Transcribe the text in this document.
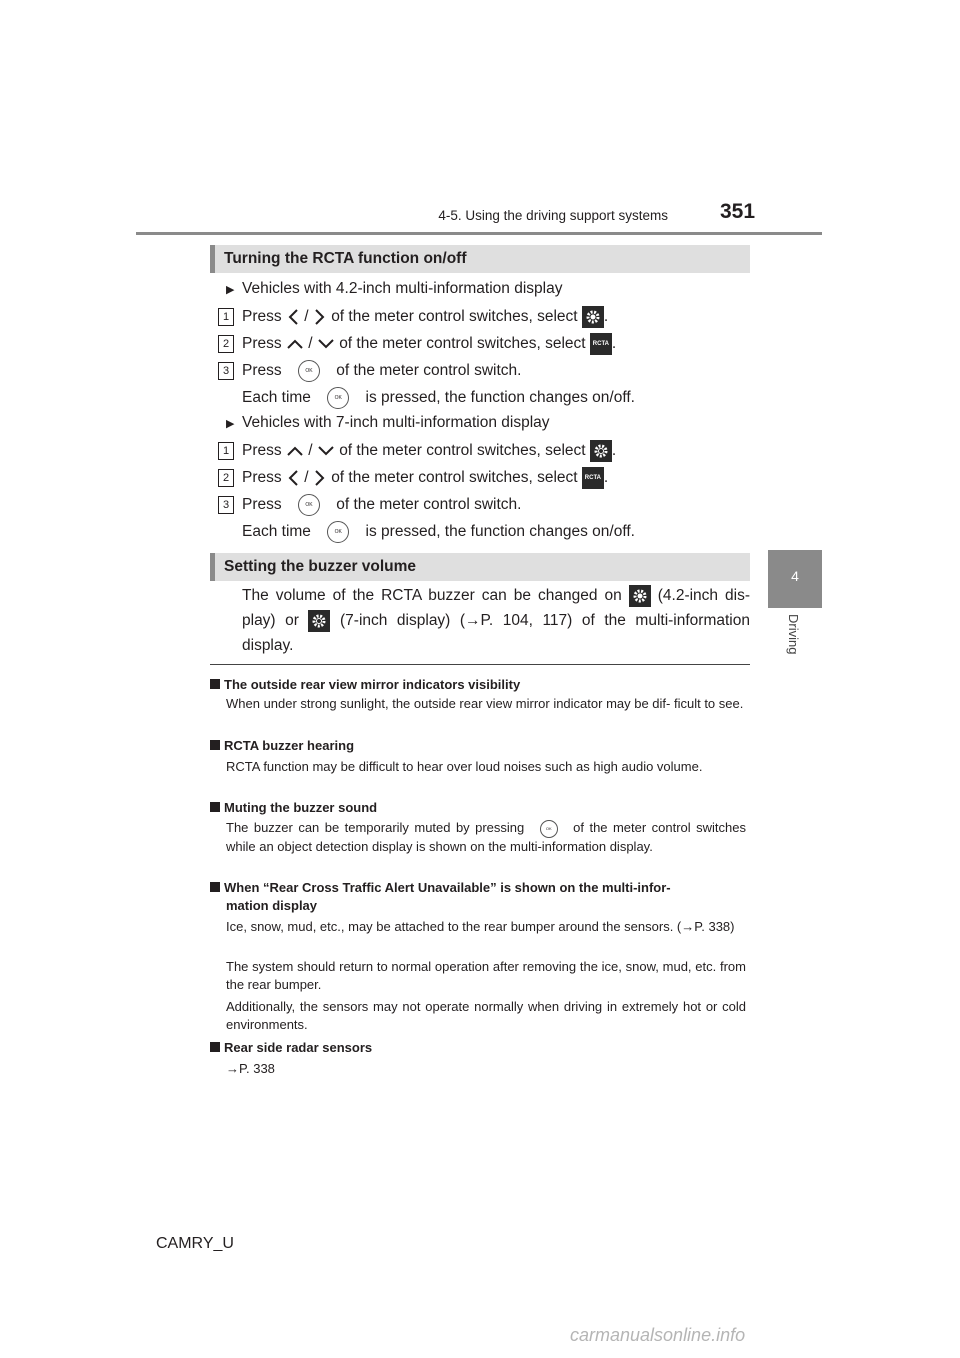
4-5. Using the driving support systems 351
4
Driving
Turning the RCTA function on/off
▶ Vehicles with 4.2-inch multi-information display
1 Press / of the meter control switches, select .
2 Press / of the meter control switches, select RCTA .
3 Press	OK of the meter control switch.
Each time	OK is pressed, the function changes on/off.
▶ Vehicles with 7-inch multi-information display
1 Press / of the meter control switches, select .
2 Press / of the meter control switches, select RCTA .
3 Press	OK of the meter control switch.
Each time	OK is pressed, the function changes on/off.
Setting the buzzer volume
The volume of the RCTA buzzer can be changed on (4.2-inch dis- play) or	(7-inch display) (→P. 104, 117) of the multi-information display.
The outside rear view mirror indicators visibility
When under strong sunlight, the outside rear view mirror indicator may be dif- ficult to see.
RCTA buzzer hearing
RCTA function may be difficult to hear over loud noises such as high audio volume.
Muting the buzzer sound
The buzzer can be temporarily muted by pressing	OK of the meter control switches while an object detection display is shown on the multi-information display.
When “Rear Cross Traffic Alert Unavailable” is shown on the multi-infor-
mation display
Ice, snow, mud, etc., may be attached to the rear bumper around the sensors. (→P. 338)
The system should return to normal operation after removing the ice, snow, mud, etc. from the rear bumper.
Additionally, the sensors may not operate normally when driving in extremely hot or cold environments.
Rear side radar sensors
→P. 338
CAMRY_U
carmanualsonline.info
